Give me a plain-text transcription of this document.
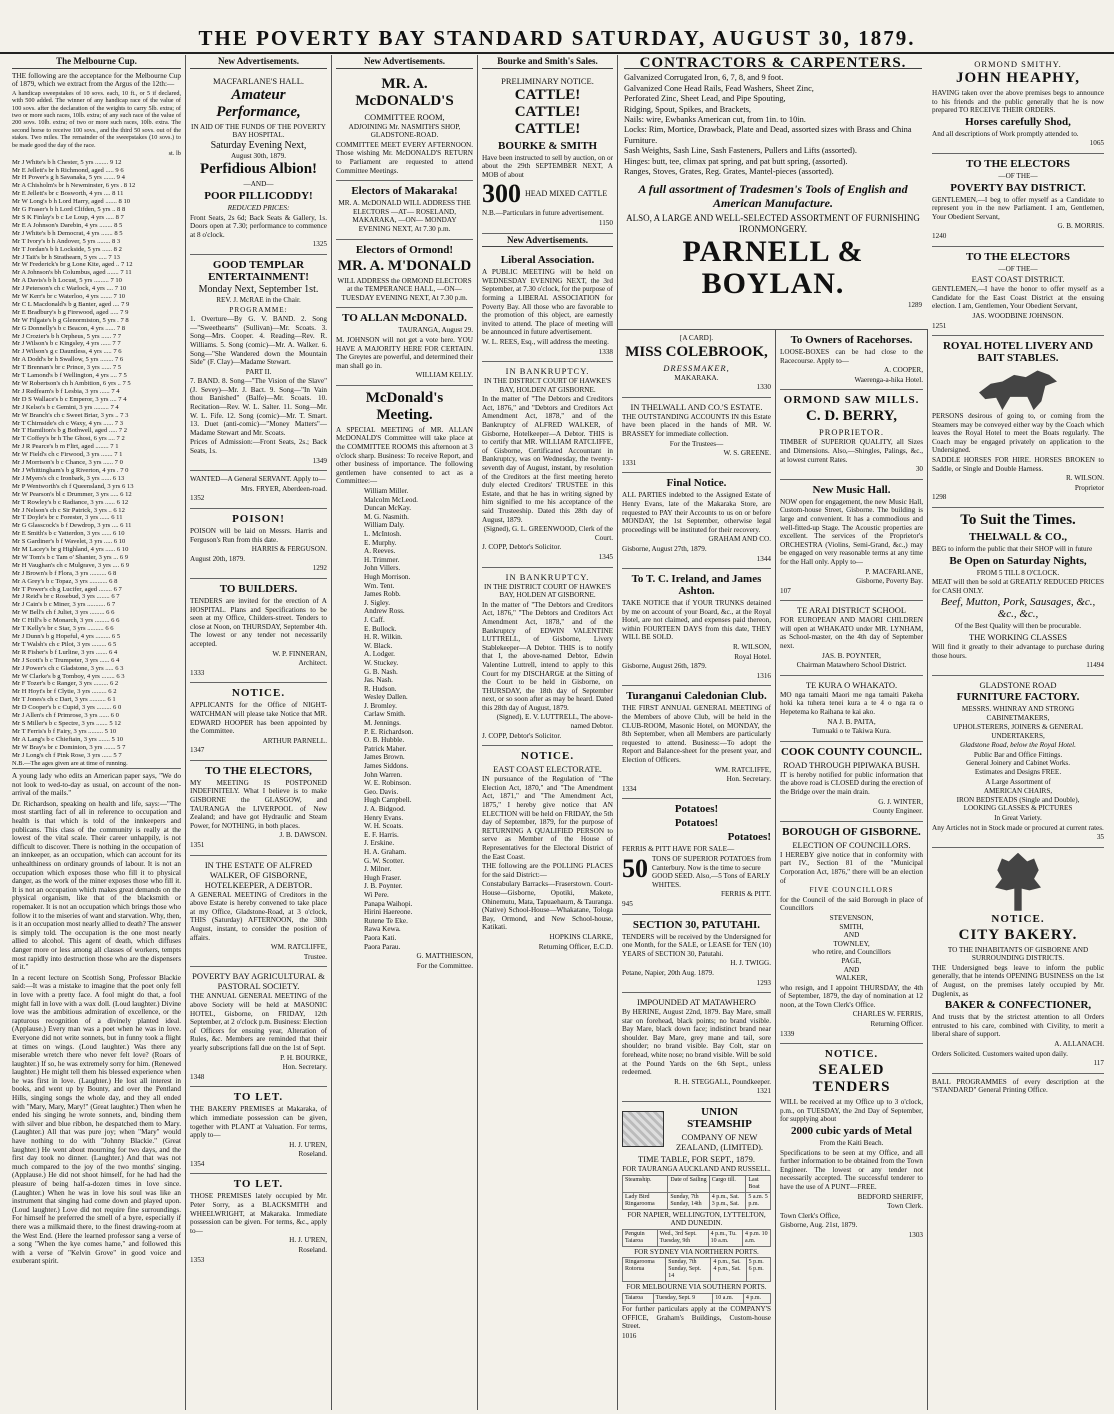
THE POVERTY BAY STANDARD SATURDAY, AUGUST 30, 1879.
The Melbourne Cup.

THE following are the acceptance for the Melbourne Cup of 1879, which we extract from the Argus of the 12th:—

A handicap sweepstakes of 10 sovs. each, 10 ft., or 5 if declared, with 500 added. The winner of any handicap race of the value of 100 sovs. after the declaration of the weights to carry 5lb. extra; of two or more such races, 10lb. extra; of any such race of the value of 200 sovs. 10lb. extra; of two or more such races, 10lb. extra. The second horse to receive 100 sovs., and the third 50 sovs. out of the stakes. Two miles. The remainder of the sweepstakes (10 sovs.) to be made good the day of the race.

st. lb
Mr J White's b h Chester, 5 yrs ........ 9 12
Mr E Jellett's br h Richmond, aged ..... 9 6
Mr H Power's g h Savanaka, 5 yrs ....... 9 4
Mr A Chisholm's br h Newminster, 6 yrs . 8 12
Mr E Jellett's br c Bosworth, 4 yrs .... 8 11
Mr W Long's b h Lord Harry, aged ....... 8 10
Mr G Fraser's b h Lord Clifden, 5 yrs .. 8 8
Mr S K Finlay's b c Le Loup, 4 yrs ..... 8 7
Mr E A Johnson's Darebin, 4 yrs ........ 8 5
Mr J White's b h Democrat, 4 yrs ....... 8 5
Mr T Ivory's b h Andover, 5 yrs ........ 8 3
Mr T Jordan's b h Lockside, 5 yrs ...... 8 2
Mr J Tait's br h Strathearn, 5 yrs ..... 7 13
Mr W Frederick's br g Lone Kite, aged .. 7 12
Mr A Johnson's bh Columbus, aged ....... 7 11
Mr A Davis's b h Locust, 5 yrs ......... 7 10
Mr J Peterson's ch c Warlock, 4 yrs .... 7 10
Mr W Kerr's br c Waterloo, 4 yrs ....... 7 10
Mr C L Macdonald's b g Banter, aged .... 7 9
Mr E Bradbury's b g Firewood, aged ..... 7 9
Mr W Filgate's b g Glenormiston, 5 yrs . 7 8
Mr G Donnelly's b c Beacon, 4 yrs ...... 7 8
Mr J Crozier's b h Orpheus, 5 yrs ...... 7 7
Mr J Wilson's b c Kingsley, 4 yrs ...... 7 7
Mr J Wilson's g c Dauntless, 4 yrs ..... 7 6
Mr A Dodd's br h Swallow, 5 yrs ........ 7 6
Mr T Brennan's br c Prince, 3 yrs ...... 7 5
Mr T Lamond's b f Wellington, 4 yrs .... 7 5
Mr W Robertson's ch h Ambition, 6 yrs .. 7 5
Mr J Redfearn's b f Lesbia, 3 yrs ...... 7 4
Mr D S Wallace's b c Emperor, 3 yrs .... 7 4
Mr J Kelso's b c Gemini, 3 yrs ......... 7 4
Mr W Branch's ch c Sweet Briar, 3 yrs .. 7 3
Mr T Chirnside's ch c Waxy, 4 yrs ...... 7 3
Mr T Hamilton's b g Bothwell, aged ..... 7 2
Mr T Coffey's br h The Ghost, 6 yrs .... 7 2
Mr J R Pearce's b m Flirt, aged ........ 7 1
Mr W Field's ch c Firwood, 3 yrs ....... 7 1
Mr J Morrison's b c Chance, 3 yrs ...... 7 0
Mr J Whittingham's b g Riverton, 4 yrs . 7 0
Mr J Myers's ch c Ironbark, 3 yrs ...... 6 13
Mr P Wentworth's ch f Queensland, 3 yrs 6 13
Mr W Pearson's bl c Drummer, 3 yrs ..... 6 12
Mr T Rowley's b c Radiance, 3 yrs ...... 6 12
Mr J Nelson's ch c Sir Patrick, 3 yrs .. 6 12
Mr T Doyle's br c Forester, 3 yrs ...... 6 11
Mr G Glasscock's b f Dewdrop, 3 yrs .... 6 11
Mr E Smith's b c Yatterdon, 3 yrs ...... 6 10
Mr S Gardiner's b f Wavelet, 3 yrs ..... 6 10
Mr M Lacey's br g Highland, 4 yrs ...... 6 10
Mr W Tom's b c Tam o' Shanter, 3 yrs ... 6 9
Mr H Vaughan's ch c Mulgrave, 3 yrs .... 6 9
Mr J Brown's b f Flora, 3 yrs .......... 6 8
Mr A Grey's b c Topaz, 3 yrs ........... 6 8
Mr T Power's ch g Lucifer, aged ........ 6 7
Mr J Reid's br c Rosebud, 3 yrs ........ 6 7
Mr J Cain's b c Miner, 3 yrs ........... 6 7
Mr W Bell's ch f Juliet, 3 yrs ......... 6 6
Mr C Hill's b c Monarch, 3 yrs ......... 6 6
Mr T Kelly's br c Star, 3 yrs .......... 6 6
Mr J Dunn's b g Hopeful, 4 yrs ......... 6 5
Mr T Walsh's ch c Pilot, 3 yrs ......... 6 5
Mr R Fisher's b f Lurline, 3 yrs ....... 6 4
Mr J Scott's b c Trumpeter, 3 yrs ...... 6 4
Mr J Power's ch c Gladstone, 3 yrs ..... 6 3
Mr W Clarke's b g Tomboy, 4 yrs ........ 6 3
Mr F Tozer's b c Ranger, 3 yrs ......... 6 2
Mr H Hoyt's br f Clytie, 3 yrs ......... 6 2
Mr T Jones's ch c Dart, 3 yrs .......... 6 1
Mr D Cooper's b c Cupid, 3 yrs ......... 6 0
Mr J Allen's ch f Primrose, 3 yrs ...... 6 0
Mr S Miller's b c Spectre, 3 yrs ....... 5 12
Mr T Ferris's b f Fairy, 3 yrs ......... 5 10
Mr A Lang's b c Chieftain, 3 yrs ....... 5 10
Mr W Bray's br c Dominion, 3 yrs ....... 5 7
Mr J Long's ch f Pink Rose, 3 yrs ...... 5 7
N.B.—The ages given are at time of running.

A young lady who edits an American paper says, "We do not look to wed-to-day as usual, on account of the non-arrival of the mails."

Dr. Richardson, speaking on health and life, says:—"The most startling fact of all in reference to occupation and health is that which is told of the innkeepers and publicans. This class of the community is really at the lowest of the vital scale. Their career unhappily, is not difficult to discover. There is nothing in the occupation of an innkeeper, as an occupation, which can account for its unhealthiness on ordinary grounds of labour. It is not an occupation which exposes those who fill it to physical danger, as the work of the miner exposes those who fill it. It is not an occupation which makes great demands on the physical organism, like that of the blacksmith or ropemaker. It is not an occupation which brings those who follow it to the miseries of want and starvation. Why, then, is it an occupation most nearly allied to death? The answer is simply told. The occupation is the one most nearly allied to alcohol. This agent of death, which diffuses danger more or less among all classes of workers, tempts most rapidly into destruction those who are the dispensers of it."

In a recent lecture on Scottish Song, Professor Blackie said:—It was a mistake to imagine that the poet only fell in love with a pretty face. A fool might do that, a fool might fall in love with a wax doll. (Loud laughter.) Divine love was the ambitious admiration of excellence, or the rapturous recognition of a divinely planted ideal. (Applause.) Every man was a poet when he was in love. Everyone did not write sonnets, but in funny took a flight at times on wings. (Loud laughter.) Was there any miserable wretch there who never felt love? (Roars of laughter.) If so, he was extremely sorry for him. (Renewed laughter.) He might tell them his blessed experience when he was first in love. (Laughter.) He lost all interest in books, and went up by Bounty, and over the Pentland Hills, singing songs the whole day, and they all ended with "Mary, Mary, Mary!" (Great laughter.) Then when he ended his singing he wrote sonnets, and, binding them with silver and blue ribbon, he despatched them to Mary. (Laughter.) All that was pure joy; when "Mary" would have nothing to do with "Johnny Blackie." (Great laughter.) He went about mourning for two days, and the first day took no dinner. (Laughter.) And that was not much compared to the joy of the two months' singing. (Applause.) He did not shoot himself, for he had had the pleasure of being half-a-dozen times in love since. (Laughter.) When he was in love his soul was like an instrument that singing had come down and played upon. (Loud laughter.) Love did not require fine surroundings. For himself he preferred the smell of a byre, especially if there was a milkmaid there, to the finest drawing-room at the West End. (Here the learned professor sang a verse of a song "When the kye comes hame," and followed this with a verse of "Kelvin Grove" in good voice and exuberant spirit.

New Advertisements.
MACFARLANE'S HALL.
Amateur Performance,

IN AID OF THE FUNDS OF THE POVERTY BAY HOSPITAL.

Saturday Evening Next,

August 30th, 1879.

Perfidious Albion!

—AND—

POOR PILLICODDY!

REDUCED PRICES:

Front Seats, 2s 6d; Back Seats & Gallery, 1s. Doors open at 7.30; performance to commence at 8 o'clock.

1325

GOOD TEMPLAR ENTERTAINMENT!
Monday Next, September 1st.

REV. J. McRAE in the Chair.

PROGRAMME:

1. Overture—By G. V. BAND. 2. Song—"Sweethearts" (Sullivan)—Mr. Scoats. 3. Song—Mrs. Cooper. 4. Reading—Rev. R. Williams. 5. Song (comic)—Mr. A. Walker. 6. Song—"She Wandered down the Mountain Side" (F. Clay)—Madame Stewart.

PART II.

7. BAND. 8. Song—"The Vision of the Slave" (J. Sevey)—Mr. J. Bact. 9. Song—"In Vain thou Banished" (Balfe)—Mr. Scoats. 10. Recitation—Rev. W. L. Salter. 11. Song—Mr. W. L. Fife. 12. Song (comic)—Mr. T. Smart. 13. Duet (anti-comic)—"Money Matters"—Madame Stewart and Mr. Scoats.

Prices of Admission:—Front Seats, 2s.; Back Seats, 1s.

1349

WANTED—A General SERVANT. Apply to—

Mrs. FRYER, Aberdeen-road.

1352

POISON!

POISON will be laid on Messrs. Harris and Ferguson's Run from this date.

HARRIS & FERGUSON.

August 20th, 1879.

1292

TO BUILDERS.

TENDERS are invited for the erection of A HOSPITAL. Plans and Specifications to be seen at my Office, Childers-street. Tenders to close at Noon, on THURSDAY, September 4th. The lowest or any tender not necessarily accepted.

W. P. FINNERAN,

Architect.

1333

NOTICE.

APPLICANTS for the Office of NIGHT-WATCHMAN will please take Notice that MR. EDWARD HOOPER has been appointed by the Committee.

ARTHUR PARNELL.

1347

TO THE ELECTORS,

MY MEETING IS POSTPONED INDEFINITELY. What I believe is to make GISBORNE the GLASGOW, and TAURANGA the LIVERPOOL of New Zealand; and have got Hydraulic and Steam Power, for NOTHING, in both places.

J. B. DAWSON.

1351

IN THE ESTATE OF ALFRED WALKER, OF GISBORNE, HOTELKEEPER, A DEBTOR.

A GENERAL MEETING of Creditors in the above Estate is hereby convened to take place at my Office, Gladstone-Road, at 3 o'clock, THIS (Saturday) AFTERNOON, the 30th August, instant, to consider the position of affairs.

WM. RATCLIFFE,

Trustee.

POVERTY BAY AGRICULTURAL & PASTORAL SOCIETY.

THE ANNUAL GENERAL MEETING of the above Society will be held at MASONIC HOTEL, Gisborne, on FRIDAY, 12th September, at 2 o'clock p.m. Business: Election of Officers for ensuing year, Alteration of Rules, &c. Members are reminded that their yearly subscriptions fall due on the 1st of Sept.

P. H. BOURKE,

Hon. Secretary.

1348

TO LET.

THE BAKERY PREMISES at Makaraka, of which immediate possession can be given, together with PLANT at Valuation. For terms, apply to—

H. J. U'REN,

Roseland.

1354

TO LET.

THOSE PREMISES lately occupied by Mr. Peter Sorry, as a BLACKSMITH and WHEELWRIGHT, at Makaraka. Immediate possession can be given. For terms, &c., apply to—

H. J. U'REN,

Roseland.

1353

New Advertisements.
MR. A. McDONALD'S
COMMITTEE ROOM,

ADJOINING Mr. NASMITH'S SHOP, GLADSTONE-ROAD.

COMMITTEE MEET EVERY AFTERNOON. Those wishing Mr. McDONALD'S RETURN to Parliament are requested to attend Committee Meetings.

Electors of Makaraka!

MR. A. McDONALD WILL ADDRESS THE ELECTORS —AT— ROSELAND, MAKARAKA, —ON— MONDAY EVENING NEXT, At 7.30 p.m.

Electors of Ormond!
MR. A. M'DONALD

WILL ADDRESS the ORMOND ELECTORS at the TEMPERANCE HALL, —ON— TUESDAY EVENING NEXT, At 7.30 p.m.

TO ALLAN McDONALD.

TAURANGA, August 29.

M. JOHNSON will not get a vote here. YOU HAVE A MAJORITY HERE FOR CERTAIN. The Greytes are powerful, and determined their man shall go in.

WILLIAM KELLY.

McDonald's Meeting.

A SPECIAL MEETING of MR. ALLAN McDONALD'S Committee will take place at the COMMITTEE ROOMS this afternoon at 3 o'clock sharp. Business: To receive Report, and other business of importance. The following gentlemen have consented to act as a Committee:—

William Miller.
Malcolm McLeod.
Duncan McKay.
M. G. Nasmith.
William Daly.
L. McIntosh.
E. Murphy.
A. Reeves.
H. Trimmer.
John Villers.
Hugh Morrison.
Wm. Tent.
James Robb.
J. Sigley.
Andrew Ross.
J. Caff.
E. Bullock.
H. R. Wilkin.
W. Black.
A. Lodger.
W. Stuckey.
G. B. Nash.
Jas. Nash.
R. Hudson.
Wesley Dallen.
J. Bromley.
Carlaw Smith.
M. Jennings.
P. E. Richardson.
O. B. Hubble.
Patrick Maher.
James Brown.
James Siddons.
John Warren.
W. E. Robinson.
Geo. Davis.
Hugh Campbell.
J. A. Bidgood.
Henry Evans.
W. H. Scoats.
E. F. Harris.
J. Erskine.
H. A. Graham.
G. W. Scotter.
J. Milner.
Hugh Fraser.
J. B. Poynter.
Wi Pere.
Panapa Waihopi.
Hirini Haereone.
Rutene Te Eke.
Rawa Kewa.
Paora Kati.
Paora Parau.

G. MATTHIESON,

For the Committee.

Bourke and Smith's Sales.
PRELIMINARY NOTICE.
CATTLE! CATTLE! CATTLE!
BOURKE & SMITH

Have been instructed to sell by auction, on or about the 29th SEPTEMBER NEXT, A MOB of about

300 HEAD MIXED CATTLE

N.B.—Particulars in future advertisement.

1150

New Advertisements.
Liberal Association.

A PUBLIC MEETING will be held on WEDNESDAY EVENING NEXT, the 3rd September, at 7.30 o'clock, for the purpose of forming a LIBERAL ASSOCIATION for Poverty Bay. All those who are favorable to the promotion of this object, are earnestly invited to attend. The place of meeting will be announced in future advertisement.

W. L. REES, Esq., will address the meeting.

1338

IN BANKRUPTCY.

IN THE DISTRICT COURT OF HAWKE'S BAY, HOLDEN AT GISBORNE.

In the matter of "The Debtors and Creditors Act, 1876," and "Debtors and Creditors Act Amendment Act, 1878," and of the Bankruptcy of ALFRED WALKER, of Gisborne, Hotelkeeper—A Debtor. THIS is to certify that MR. WILLIAM RATCLIFFE, of Gisborne, Certificated Accountant in Bankruptcy, was on Wednesday, the twenty-seventh day of August, instant, by resolution of the Creditors at the first meeting hereto duly elected Creditors' TRUSTEE in this Estate, and that he has in writing signed by him signified to me his acceptance of the said Trusteeship. Dated this 28th day of August, 1879.

(Signed), G. L. GREENWOOD, Clerk of the Court.

J. COPP, Debtor's Solicitor.

1345

IN BANKRUPTCY.

IN THE DISTRICT COURT OF HAWKE'S BAY, HOLDEN AT GISBORNE.

In the matter of "The Debtors and Creditors Act, 1876," "The Debtors and Creditors Act Amendment Act, 1878," and of the Bankruptcy of EDWIN VALENTINE LUTTRELL, of Gisborne, Livery Stablekeeper—A Debtor. THIS is to notify that I, the above-named Debtor, Edwin Valentine Luttrell, intend to apply to this Court for my DISCHARGE at the Sitting of the Court to be held in Gisborne, on THURSDAY, the 18th day of September next, or so soon after as may be heard. Dated this 28th day of August, 1879.

(Signed), E. V. LUTTRELL, The above-named Debtor.

J. COPP, Debtor's Solicitor.

NOTICE.
EAST COAST ELECTORATE.

IN pursuance of the Regulation of "The Election Act, 1870," and "The Amendment Act, 1871," and "The Amendment Act, 1875," I hereby give notice that AN ELECTION will be held on FRIDAY, the 5th day of September, 1879, for the purpose of RETURNING A QUALIFIED PERSON to serve as Member of the House of Representatives for the Electoral District of the East Coast.

THE following are the POLLING PLACES for the said District:—

Constabulary Barracks—Fraserstown. Court-House—Gisborne, Opotiki, Makete, Ohinemutu, Mata, Tapuaehaurn, & Tauranga. (Native) School-House—Whakatane, Tologa Bay, Ormond, and New School-house, Katikati.

HOPKINS CLARKE,

Returning Officer, E.C.D.

CONTRACTORS & CARPENTERS.
Galvanized Corrugated Iron, 6, 7, 8, and 9 foot.
Galvanized Cone Head Rails, Fead Washers, Sheet Zinc,
Perforated Zinc, Sheet Lead, and Pipe Spouting,
Ridging, Spout, Spikes, and Brackets,
Nails: wire, Ewbanks American cut, from 1in. to 10in.
Locks: Rim, Mortice, Drawback, Plate and Dead, assorted sizes with Brass and China Furniture.
Sash Weights, Sash Line, Sash Fasteners, Pullers and Lifts (assorted).
Hinges: butt, tee, climax pat spring, and pat butt spring, (assorted).
Ranges, Stoves, Grates, Reg. Grates, Mantel-pieces (assorted).
A full assortment of Tradesmen's Tools of English and American Manufacture.
ALSO, A LARGE AND WELL-SELECTED ASSORTMENT OF FURNISHING IRONMONGERY.
PARNELL & BOYLAN.
1289

[A CARD].

MISS COLEBROOK,
DRESSMAKER,

MAKARAKA.

1330

IN THELWALL AND CO.'S ESTATE.

THE OUTSTANDING ACCOUNTS IN this Estate have been placed in the hands of MR. W. BRASSEY for immediate collection.

For the Trustees—

W. S. GREENE.

1331

Final Notice.

ALL PARTIES indebted to the Assigned Estate of Henry Evans, late of the Makaraka Store, are requested to PAY their Accounts to us on or before MONDAY, the 1st September, otherwise legal proceedings will be instituted for their recovery.

GRAHAM AND CO.

Gisborne, August 27th, 1879.

1344

To T. C. Ireland, and James Ashton.

TAKE NOTICE that if YOUR TRUNKS detained by me on account of your Board, &c., at the Royal Hotel, are not claimed, and expenses paid thereon, within FOURTEEN DAYS from this date, THEY WILL BE SOLD.

R. WILSON,

Royal Hotel.

Gisborne, August 26th, 1879.

1316

Turanganui Caledonian Club.

THE FIRST ANNUAL GENERAL MEETING of the Members of above Club, will be held in the CLUB-ROOM, Masonic Hotel, on MONDAY, the 8th September, when all Members are particularly requested to attend. Business:—To adopt the Report and Balance-sheet for the present year, and Election of Officers.

WM. RATCLIFFE,

Hon. Secretary.

1334

Potatoes!
Potatoes!
Potatoes!

FERRIS & PITT HAVE FOR SALE—

50 TONS OF SUPERIOR POTATOES from Canterbury. Now is the time to secure GOOD SEED. Also,—5 Tons of EARLY WHITES.

FERRIS & PITT.

945

SECTION 30, PATUTAHI.

TENDERS will be received by the Undersigned for one Month, for the SALE, or LEASE for TEN (10) YEARS of SECTION 30, Patutahi.

H. J. TWIGG.

Petane, Napier, 20th Aug. 1879.

1293

IMPOUNDED AT MATAWHERO

By HERINE, August 22nd, 1879. Bay Mare, small star on forehead, black points; no brand visible. Bay Mare, black down face; indistinct brand near shoulder. Bay Mare, grey mane and tail, sore shoulder; no brand visible. Bay Colt, star on forehead, white nose; no brand visible. Will be sold at the Pound Yards on the 6th Sept., unless redeemed.

R. H. STEGGALL, Poundkeeper.

1321

UNION STEAMSHIP
COMPANY OF NEW ZEALAND, (LIMITED).
TIME TABLE, FOR SEPT., 1879.

FOR TAURANGA AUCKLAND AND RUSSELL.

Steamship.	Date of Sailing	Cargo till.	Last Boat
Lady Bird Ringarooma	Sunday, 7th Sunday, 14th	4 p.m., Sat. 3 p.m., Sat.	5 a.m. 5 p.m.

FOR NAPIER, WELLINGTON, LYTTELTON, AND DUNEDIN.

Penguin Taiaroa	Wed., 3rd Sept. Tuesday, 9th	4 p.m., Tu. 10 a.m.	4 p.m. 10 a.m.

FOR SYDNEY VIA NORTHERN PORTS.

Ringarooma Rotorua	Sunday, 7th Sunday, Sept. 14	4 p.m., Sat. 4 p.m., Sat.	5 p.m. 6 p.m.

FOR MELBOURNE VIA SOUTHERN PORTS.

Taiaroa	Tuesday, Sept. 9	10 a.m.	4 p.m.

For further particulars apply at the COMPANY'S OFFICE, Graham's Buildings, Custom-house Street.

1016

To Owners of Racehorses.

LOOSE-BOXES can be had close to the Racecourse. Apply to—

A. COOPER,

Waerenga-a-hika Hotel.

ORMOND SAW MILLS.
C. D. BERRY,
PROPRIETOR.

TIMBER of SUPERIOR QUALITY, all Sizes and Dimensions. Also,—Shingles, Palings, &c., at lowest current Rates.

30

New Music Hall.

NOW open for engagement, the new Music Hall, Custom-house Street, Gisborne. The building is large and convenient. It has a commodious and well-fitted-up Stage. The Acoustic properties are excellent. The services of the Proprietor's ORCHESTRA (Violins, Semi-Grand, &c.,) may be engaged on very reasonable terms at any time for the Hall only. Apply to—

P. MACFARLANE,

Gisborne, Poverty Bay.

107

TE ARAI DISTRICT SCHOOL

FOR EUROPEAN AND MAORI CHILDREN will open at WHAKATO under MR. LYNHAM, as School-master, on the 4th day of September next.

JAS. B. POYNTER,

Chairman Matawhero School District.

TE KURA O WHAKATO.

MO nga tamaiti Maori me nga tamaiti Pakeha hoki ka tuhera tenei kura a te 4 o nga ra o Hepetema ko Raihana te kai ako.

NA J. B. PAITA,

Tumuaki o te Takiwa Kura.

COOK COUNTY COUNCIL.
ROAD THROUGH PIPIWAKA BUSH.

IT is hereby notified for public information that the above road is CLOSED during the erection of the Bridge over the main drain.

G. J. WINTER,

County Engineer.

BOROUGH OF GISBORNE.
ELECTION OF COUNCILLORS.

I HEREBY give notice that in conformity with part IV., Section 81 of the "Municipal Corporation Act, 1876," there will be an election of

FIVE COUNCILLORS

for the Council of the said Borough in place of Councillors

STEVENSON,
SMITH,
AND
TOWNLEY,
who retire, and Councillors
PAGE,
AND
WALKER,

who resign, and I appoint THURSDAY, the 4th of September, 1879, the day of nomination at 12 noon, at the Town Clerk's Office.

CHARLES W. FERRIS,

Returning Officer.

1339

NOTICE.
SEALED TENDERS

WILL be received at my Office up to 3 o'clock, p.m., on TUESDAY, the 2nd Day of September, for supplying about

2000 cubic yards of Metal

From the Kaiti Beach.

Specifications to be seen at my Office, and all further information to be obtained from the Town Engineer. The lowest or any tender not necessarily accepted. The successful tenderer to have the use of A PUNT—FREE.

BEDFORD SHERIFF,

Town Clerk.

Town Clerk's Office,

Gisborne, Aug. 21st, 1879.

1303

ORMOND SMITHY.
JOHN HEAPHY,

HAVING taken over the above premises begs to announce to his friends and the public generally that he is now prepared TO RECEIVE THEIR ORDERS.

Horses carefully Shod,

And all descriptions of Work promptly attended to.

1065

TO THE ELECTORS

—OF THE—

POVERTY BAY DISTRICT.

GENTLEMEN,—I beg to offer myself as a Candidate to represent you in the new Parliament. I am, Gentlemen, Your Obedient Servant,

G. B. MORRIS.

1240

TO THE ELECTORS

—OF THE—

EAST COAST DISTRICT.

GENTLEMEN,—I have the honor to offer myself as a Candidate for the East Coast District at the ensuing election. I am, Gentlemen, Your Obedient Servant,

JAS. WOODBINE JOHNSON.

1251

ROYAL HOTEL LIVERY AND BAIT STABLES.

PERSONS desirous of going to, or coming from the Steamers may be conveyed either way by the Coach which leaves the Royal Hotel to meet the Boats regularly. The Coach may be engaged privately on application to the Undersigned.

SADDLE HORSES FOR HIRE. HORSES BROKEN to Saddle, or Single and Double Harness.

R. WILSON.

Proprietor

1298

To Suit the Times.
THELWALL & CO.,

BEG to inform the public that their SHOP will in future

Be Open on Saturday Nights,

FROM 5 TILL 8 O'CLOCK.

MEAT will then be sold at GREATLY REDUCED PRICES for CASH ONLY.

Beef, Mutton, Pork, Sausages, &c., &c., &c.,

Of the Best Quality will then be procurable.

THE WORKING CLASSES

Will find it greatly to their advantage to purchase during those hours.

11494

GLADSTONE ROAD
FURNITURE FACTORY.

MESSRS. WHINRAY AND STRONG

CABINETMAKERS,
UPHOLSTERERS, JOINERS & GENERAL
UNDERTAKERS,

Gladstone Road, below the Royal Hotel.

Public Bar and Office Fittings.
General Joinery and Cabinet Works.
Estimates and Designs FREE.

A Large Assortment of

AMERICAN CHAIRS,
IRON BEDSTEADS (Single and Double),
LOOKING GLASSES & PICTURES

In Great Variety.

Any Articles not in Stock made or procured at current rates.

35

NOTICE.
CITY BAKERY.

TO THE INHABITANTS OF GISBORNE AND SURROUNDING DISTRICTS.

THE Undersigned begs leave to inform the public generally, that he intends OPENING BUSINESS on the 1st of August, on the premises lately occupied by Mr. Duglenix, as

BAKER & CONFECTIONER,

And trusts that by the strictest attention to all Orders entrusted to his care, combined with Civility, to merit a liberal share of support.

A. ALLANACH.

Orders Solicited. Customers waited upon daily.

117

BALL PROGRAMMES of every description at the "STANDARD" General Printing Office.
